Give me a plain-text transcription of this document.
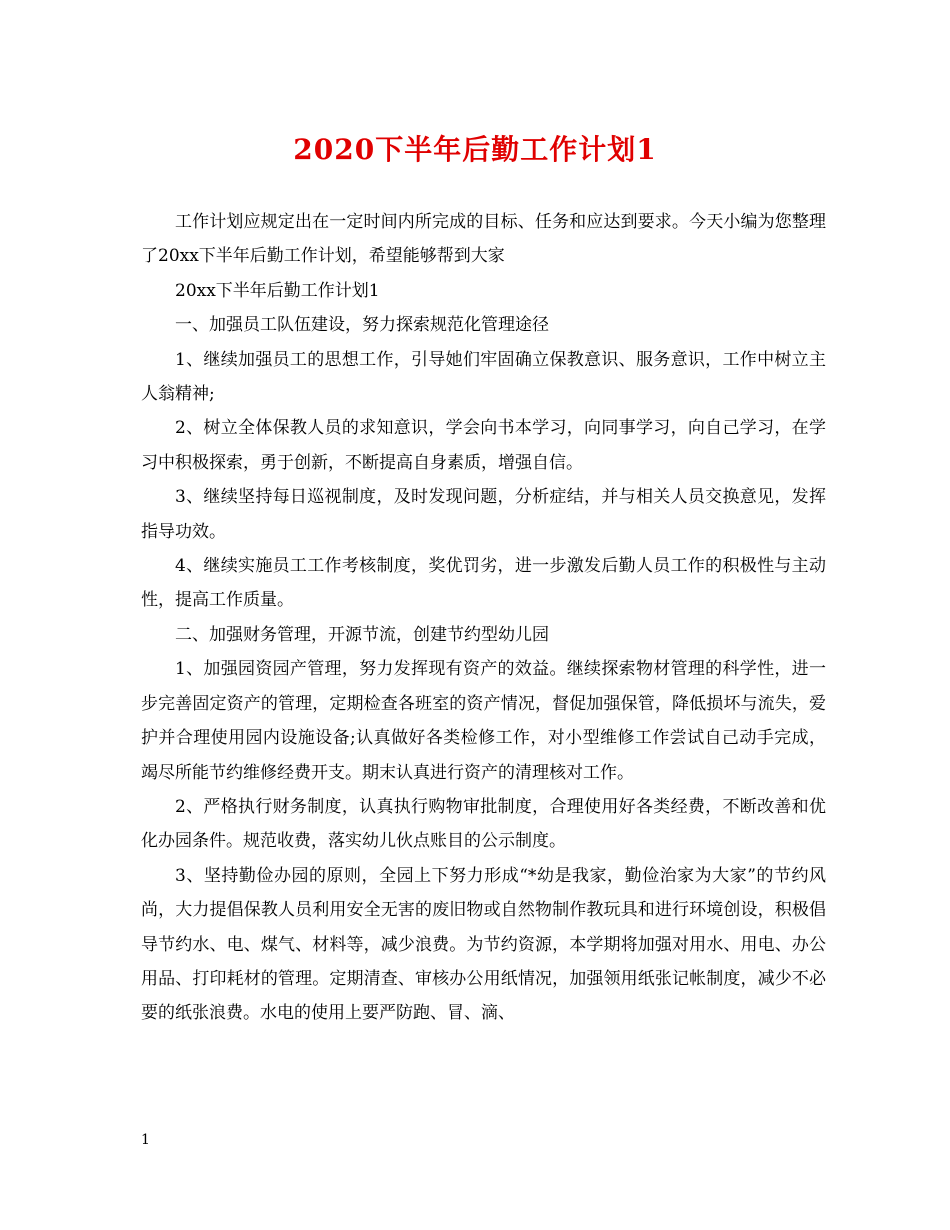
2020下半年后勤工作计划1

工作计划应规定出在一定时间内所完成的目标、任务和应达到要求。今天小编为您整理了20xx下半年后勤工作计划，希望能够帮到大家

20xx下半年后勤工作计划1

一、加强员工队伍建设，努力探索规范化管理途径

1、继续加强员工的思想工作，引导她们牢固确立保教意识、服务意识，工作中树立主人翁精神;

2、树立全体保教人员的求知意识，学会向书本学习，向同事学习，向自己学习，在学习中积极探索，勇于创新，不断提高自身素质，增强自信。

3、继续坚持每日巡视制度，及时发现问题，分析症结，并与相关人员交换意见，发挥指导功效。

4、继续实施员工工作考核制度，奖优罚劣，进一步激发后勤人员工作的积极性与主动性，提高工作质量。

二、加强财务管理，开源节流，创建节约型幼儿园

1、加强园资园产管理，努力发挥现有资产的效益。继续探索物材管理的科学性，进一步完善固定资产的管理，定期检查各班室的资产情况，督促加强保管，降低损坏与流失，爱护并合理使用园内设施设备;认真做好各类检修工作，对小型维修工作尝试自己动手完成，竭尽所能节约维修经费开支。期末认真进行资产的清理核对工作。

2、严格执行财务制度，认真执行购物审批制度，合理使用好各类经费，不断改善和优化办园条件。规范收费，落实幼儿伙点账目的公示制度。

3、坚持勤俭办园的原则，全园上下努力形成“*幼是我家，勤俭治家为大家”的节约风尚，大力提倡保教人员利用安全无害的废旧物或自然物制作教玩具和进行环境创设，积极倡导节约水、电、煤气、材料等，减少浪费。为节约资源，本学期将加强对用水、用电、办公用品、打印耗材的管理。定期清查、审核办公用纸情况，加强领用纸张记帐制度，减少不必要的纸张浪费。水电的使用上要严防跑、冒、滴、

1
